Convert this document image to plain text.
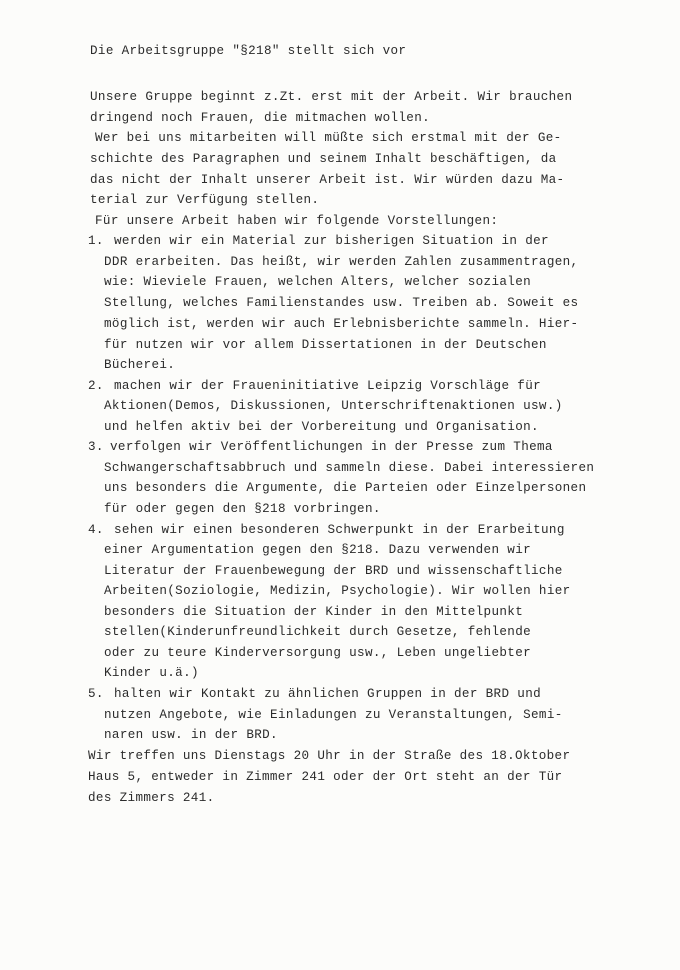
Die Arbeitsgruppe "§218" stellt sich vor
Unsere Gruppe beginnt z.Zt. erst mit der Arbeit. Wir brauchen
dringend noch Frauen, die mitmachen wollen.
Wer bei uns mitarbeiten will müßte sich erstmal mit der Ge-
schichte des Paragraphen und seinem Inhalt beschäftigen, da
das nicht der Inhalt unserer Arbeit ist. Wir würden dazu Ma-
terial zur Verfügung stellen.
Für unsere Arbeit haben wir folgende Vorstellungen:
1. werden wir ein Material zur bisherigen Situation in der
DDR erarbeiten. Das heißt, wir werden Zahlen zusammentragen,
wie: Wieviele Frauen, welchen Alters, welcher sozialen
Stellung, welches Familienstandes usw. Treiben ab. Soweit es
möglich ist, werden wir auch Erlebnisberichte sammeln. Hier-
für nutzen wir vor allem Dissertationen in der Deutschen
Bücherei.
2. machen wir der Fraueninitiative Leipzig Vorschläge für
Aktionen(Demos, Diskussionen, Unterschriftenaktionen usw.)
und helfen aktiv bei der Vorbereitung und Organisation.
3. verfolgen wir Veröffentlichungen in der Presse zum Thema
Schwangerschaftsabbruch und sammeln diese. Dabei interessieren
uns besonders die Argumente, die Parteien oder Einzelpersonen
für oder gegen den §218 vorbringen.
4. sehen wir einen besonderen Schwerpunkt in der Erarbeitung
einer Argumentation gegen den §218. Dazu verwenden wir
Literatur der Frauenbewegung der BRD und wissenschaftliche
Arbeiten(Soziologie, Medizin, Psychologie). Wir wollen hier
besonders die Situation der Kinder in den Mittelpunkt
stellen(Kinderunfreundlichkeit durch Gesetze, fehlende
oder zu teure Kinderversorgung usw., Leben ungeliebter
Kinder u.ä.)
5. halten wir Kontakt zu ähnlichen Gruppen in der BRD und
nutzen Angebote, wie Einladungen zu Veranstaltungen, Semi-
naren usw. in der BRD.
Wir treffen uns Dienstags 20 Uhr in der Straße des 18.Oktober
Haus 5, entweder in Zimmer 241 oder der Ort steht an der Tür
des Zimmers 241.
